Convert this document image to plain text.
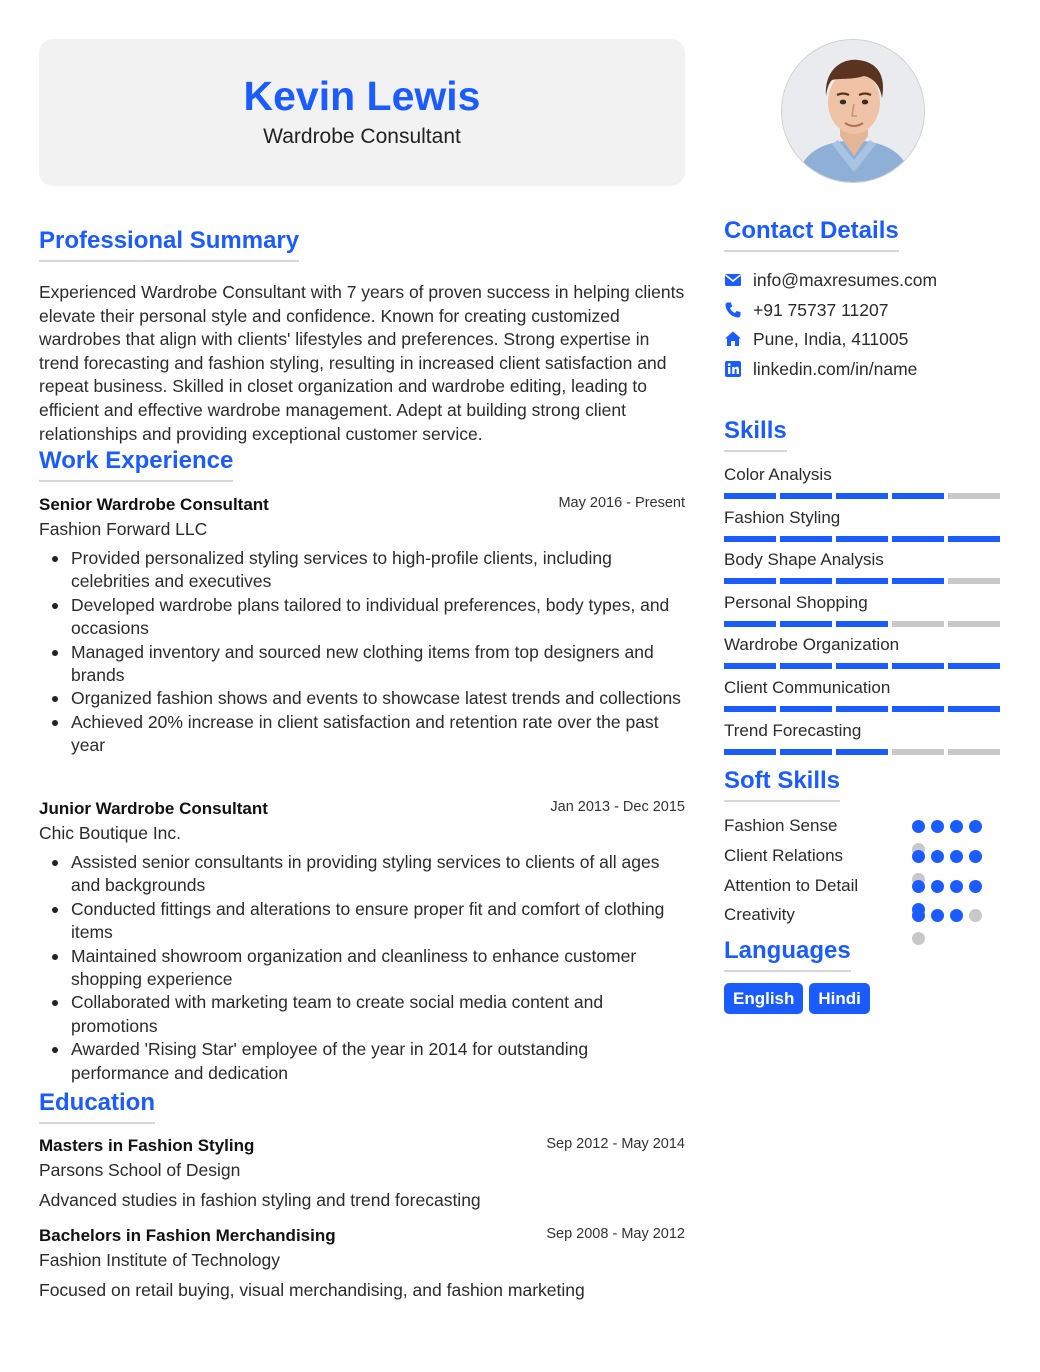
Kevin Lewis
Wardrobe Consultant
Professional Summary
Experienced Wardrobe Consultant with 7 years of proven success in helping clients elevate their personal style and confidence. Known for creating customized wardrobes that align with clients' lifestyles and preferences. Strong expertise in trend forecasting and fashion styling, resulting in increased client satisfaction and repeat business. Skilled in closet organization and wardrobe editing, leading to efficient and effective wardrobe management. Adept at building strong client relationships and providing exceptional customer service.
Work Experience
Senior Wardrobe Consultant	May 2016 - Present
Fashion Forward LLC
Provided personalized styling services to high-profile clients, including celebrities and executives
Developed wardrobe plans tailored to individual preferences, body types, and occasions
Managed inventory and sourced new clothing items from top designers and brands
Organized fashion shows and events to showcase latest trends and collections
Achieved 20% increase in client satisfaction and retention rate over the past year
Junior Wardrobe Consultant	Jan 2013 - Dec 2015
Chic Boutique Inc.
Assisted senior consultants in providing styling services to clients of all ages and backgrounds
Conducted fittings and alterations to ensure proper fit and comfort of clothing items
Maintained showroom organization and cleanliness to enhance customer shopping experience
Collaborated with marketing team to create social media content and promotions
Awarded 'Rising Star' employee of the year in 2014 for outstanding performance and dedication
Education
Masters in Fashion Styling	Sep 2012 - May 2014
Parsons School of Design
Advanced studies in fashion styling and trend forecasting
Bachelors in Fashion Merchandising	Sep 2008 - May 2012
Fashion Institute of Technology
Focused on retail buying, visual merchandising, and fashion marketing
Contact Details
info@maxresumes.com
+91 75737 11207
Pune, India, 411005
linkedin.com/in/name
Skills
Color Analysis
Fashion Styling
Body Shape Analysis
Personal Shopping
Wardrobe Organization
Client Communication
Trend Forecasting
Soft Skills
Fashion Sense
Client Relations
Attention to Detail
Creativity
Languages
English	Hindi
